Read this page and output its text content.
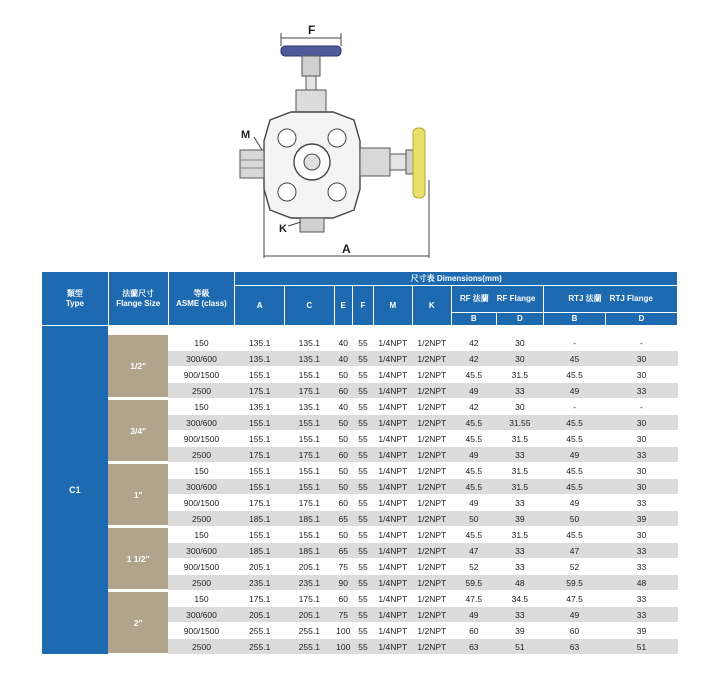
F
M
K
A
類型
Type	法蘭尺寸
Flange Size	等級
ASME (class)	尺寸表 Dimensions(mm)									
			A	C	E	F	M	K	RF 法蘭　RF Flange		RTJ 法蘭　RTJ Flange	
									B	D	B	D
C1												
	1/2"	150	135.1	135.1	40	55	1/4NPT	1/2NPT	42	30	-	-
		300/600	135.1	135.1	40	55	1/4NPT	1/2NPT	42	30	45	30
		900/1500	155.1	155.1	50	55	1/4NPT	1/2NPT	45.5	31.5	45.5	30
		2500	175.1	175.1	60	55	1/4NPT	1/2NPT	49	33	49	33
	3/4"	150	135.1	135.1	40	55	1/4NPT	1/2NPT	42	30	-	-
		300/600	155.1	155.1	50	55	1/4NPT	1/2NPT	45.5	31.55	45.5	30
		900/1500	155.1	155.1	50	55	1/4NPT	1/2NPT	45.5	31.5	45.5	30
		2500	175.1	175.1	60	55	1/4NPT	1/2NPT	49	33	49	33
	1"	150	155.1	155.1	50	55	1/4NPT	1/2NPT	45.5	31.5	45.5	30
		300/600	155.1	155.1	50	55	1/4NPT	1/2NPT	45.5	31.5	45.5	30
		900/1500	175.1	175.1	60	55	1/4NPT	1/2NPT	49	33	49	33
		2500	185.1	185.1	65	55	1/4NPT	1/2NPT	50	39	50	39
	1 1/2"	150	155.1	155.1	50	55	1/4NPT	1/2NPT	45.5	31.5	45.5	30
		300/600	185.1	185.1	65	55	1/4NPT	1/2NPT	47	33	47	33
		900/1500	205.1	205.1	75	55	1/4NPT	1/2NPT	52	33	52	33
		2500	235.1	235.1	90	55	1/4NPT	1/2NPT	59.5	48	59.5	48
	2"	150	175.1	175.1	60	55	1/4NPT	1/2NPT	47.5	34.5	47.5	33
		300/600	205.1	205.1	75	55	1/4NPT	1/2NPT	49	33	49	33
		900/1500	255.1	255.1	100	55	1/4NPT	1/2NPT	60	39	60	39
		2500	255.1	255.1	100	55	1/4NPT	1/2NPT	63	51	63	51
